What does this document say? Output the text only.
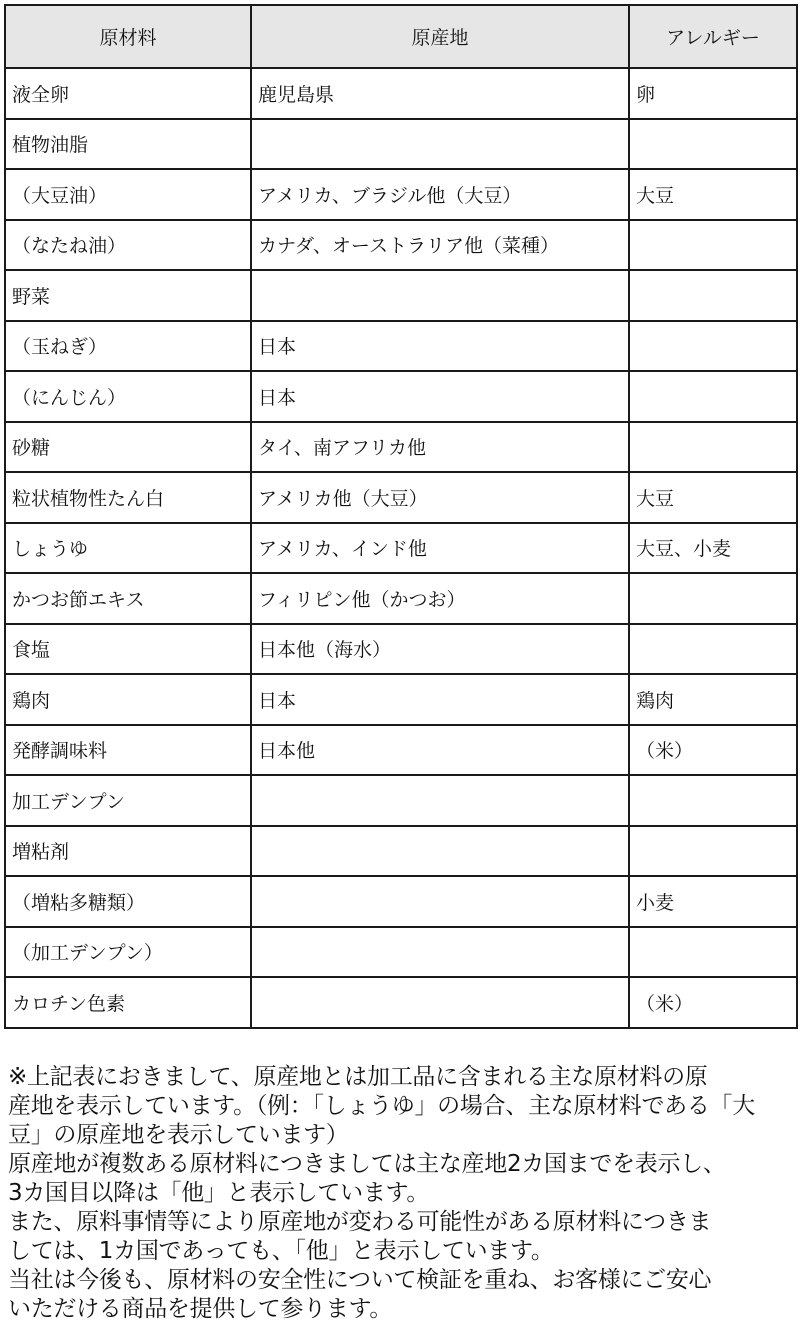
原材料	原産地	アレルギー
液全卵	鹿児島県	卵
植物油脂		
（大豆油）	アメリカ、ブラジル他（大豆）	大豆
（なたね油）	カナダ、オーストラリア他（菜種）	
野菜		
（玉ねぎ）	日本	
（にんじん）	日本	
砂糖	タイ、南アフリカ他	
粒状植物性たん白	アメリカ他（大豆）	大豆
しょうゆ	アメリカ、インド他	大豆、小麦
かつお節エキス	フィリピン他（かつお）	
食塩	日本他（海水）	
鶏肉	日本	鶏肉
発酵調味料	日本他	（米）
加工デンプン		
増粘剤		
（増粘多糖類）		小麦
（加工デンプン）		
カロチン色素		（米）

※上記表におきまして、原産地とは加工品に含まれる主な原材料の原

産地を表示しています。（例：「しょうゆ」の場合、主な原材料である「大

豆」の原産地を表示しています）

原産地が複数ある原材料につきましては主な産地2カ国までを表示し、

3カ国目以降は「他」と表示しています。

また、原料事情等により原産地が変わる可能性がある原材料につきま

しては、1カ国であっても、「他」と表示しています。

当社は今後も、原材料の安全性について検証を重ね、お客様にご安心

いただける商品を提供して参ります。
